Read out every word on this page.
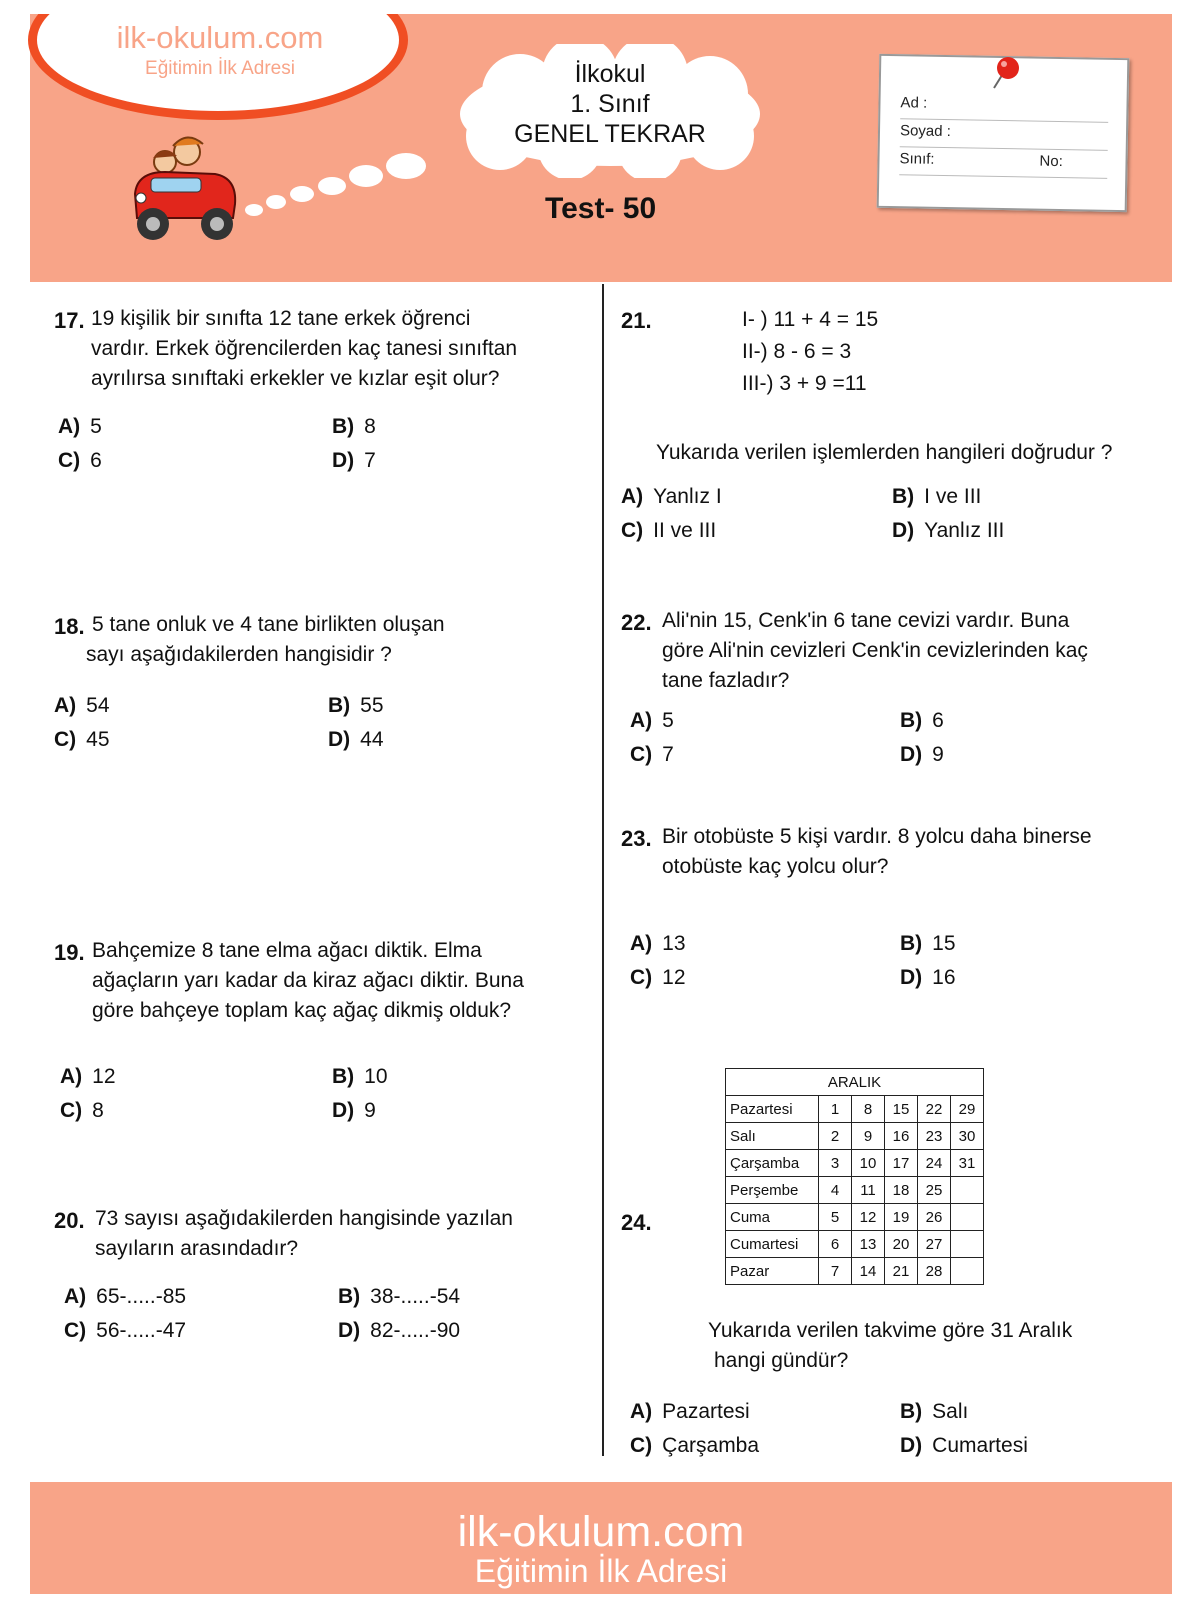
ilk-okulum.com
Eğitimin İlk Adresi	İlkokul
1. Sınıf
GENEL TEKRAR
Test- 50
Ad :
Soyad :
Sınıf:	No:
17. 19 kişilik bir sınıfta 12 tane erkek öğrenci
vardır. Erkek öğrencilerden kaç tanesi sınıftan
ayrılırsa sınıftaki erkekler ve kızlar eşit olur?
A) 5	B) 8
C) 6	D) 7
18. 5 tane onluk ve 4 tane birlikten oluşan
sayı aşağıdakilerden hangisidir ?
A) 54	B) 55
C) 45	D) 44
19. Bahçemize 8 tane elma ağacı diktik. Elma
ağaçların yarı kadar da kiraz ağacı diktir. Buna
göre bahçeye toplam kaç ağaç dikmiş olduk?
A) 12	B) 10
C) 8	D) 9
20. 73 sayısı aşağıdakilerden hangisinde yazılan
sayıların arasındadır?
A) 65-.....-85	B) 38-.....-54
C) 56-.....-47	D) 82-.....-90
21.	I- ) 11 + 4 = 15
II-) 8 - 6 = 3
III-) 3 + 9 =11
Yukarıda verilen işlemlerden hangileri doğrudur ?
A) Yanlız I	B) I ve III
C) II ve III	D) Yanlız III
22. Ali'nin 15, Cenk'in 6 tane cevizi vardır. Buna
göre Ali'nin cevizleri Cenk'in cevizlerinden kaç
tane fazladır?
A) 5	B) 6
C) 7	D) 9
23. Bir otobüste 5 kişi vardır. 8 yolcu daha binerse
otobüste kaç yolcu olur?
A) 13	B) 15
C) 12	D) 16
24.
ARALIK					
Pazartesi	1	8	15	22	29
Salı	2	9	16	23	30
Çarşamba	3	10	17	24	31
Perşembe	4	11	18	25	
Cuma	5	12	19	26	
Cumartesi	6	13	20	27	
Pazar	7	14	21	28	
Yukarıda verilen takvime göre 31 Aralık
hangi gündür?
A) Pazartesi	B) Salı
C) Çarşamba	D) Cumartesi
ilk-okulum.com
Eğitimin İlk Adresi
